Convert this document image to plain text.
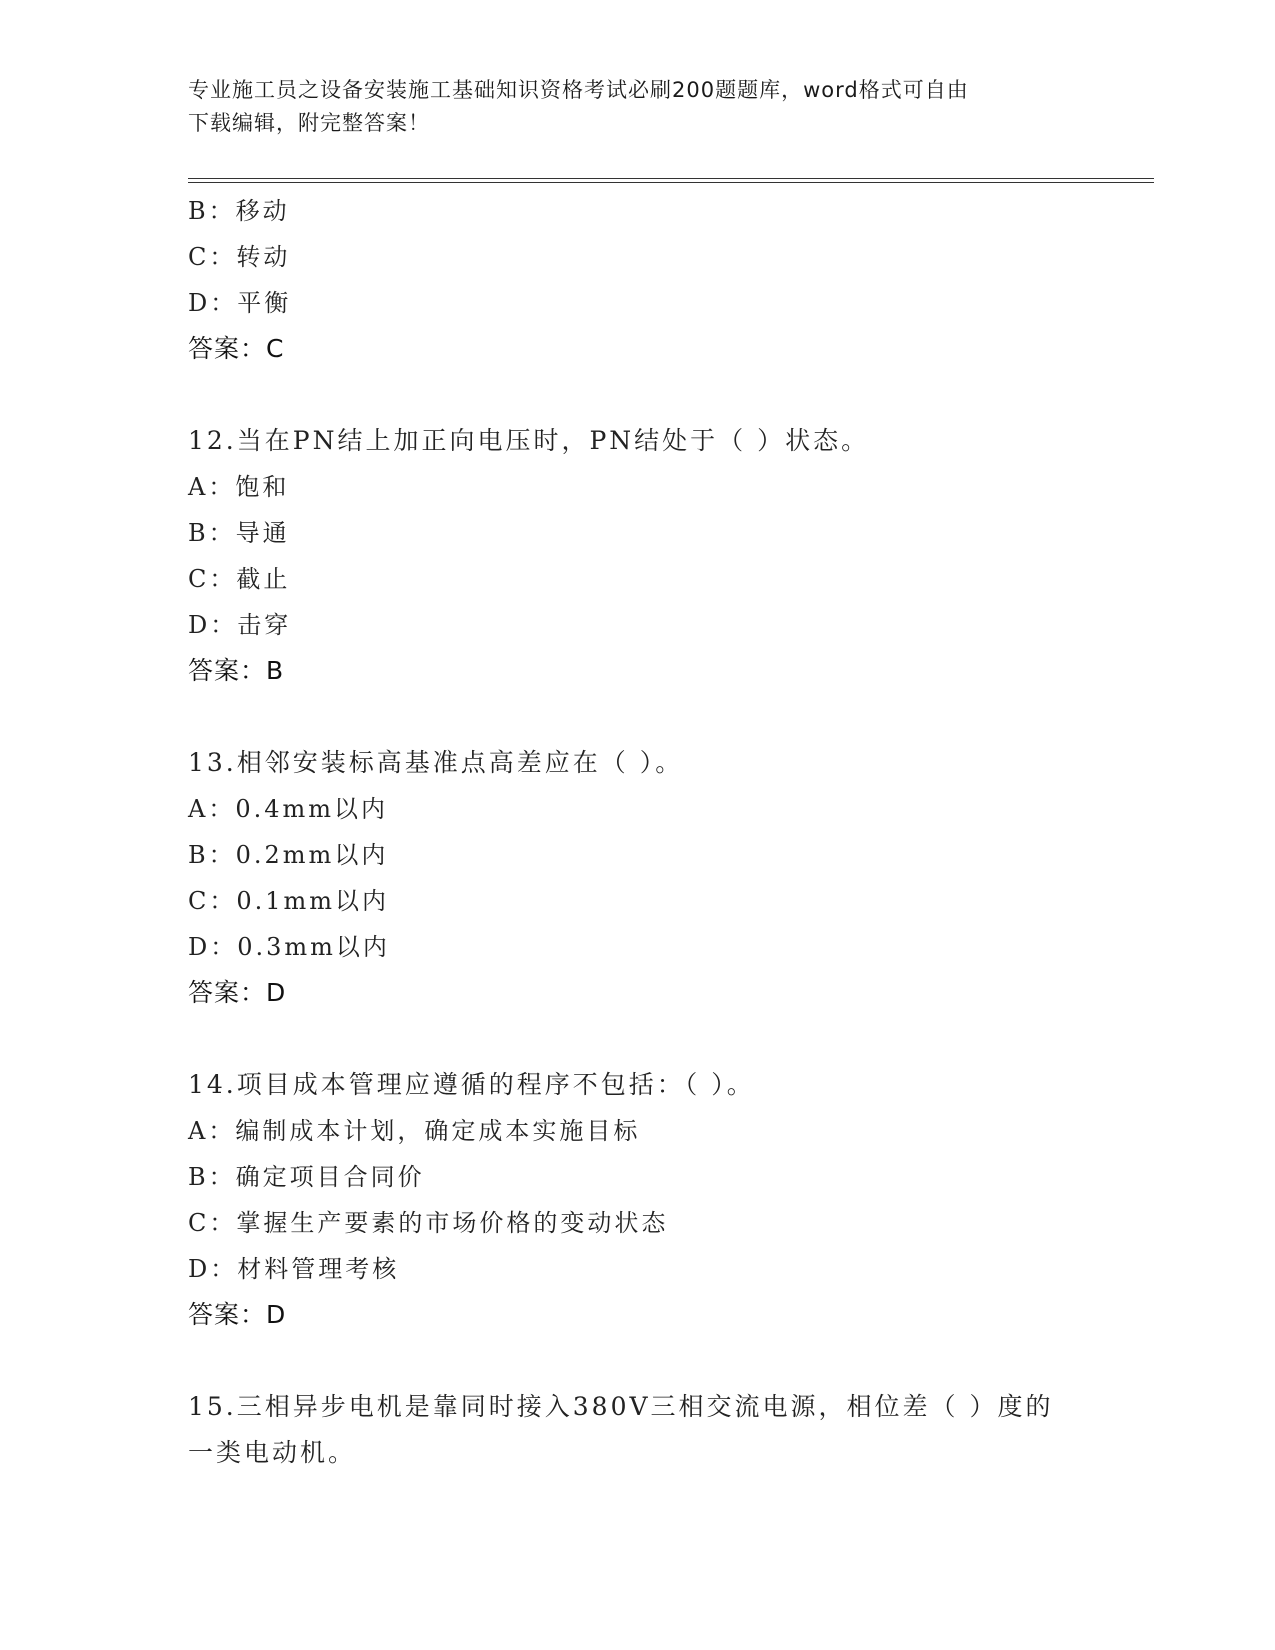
专业施工员之设备安装施工基础知识资格考试必刷200题题库，word格式可自由
下载编辑，附完整答案！
B：移动
C：转动
D：平衡
答案：C
12.当在PN结上加正向电压时，PN结处于（ ）状态。
A：饱和
B：导通
C：截止
D：击穿
答案：B
13.相邻安装标高基准点高差应在（ ）。
A：0.4mm以内
B：0.2mm以内
C：0.1mm以内
D：0.3mm以内
答案：D
14.项目成本管理应遵循的程序不包括：（ ）。
A：编制成本计划，确定成本实施目标
B：确定项目合同价
C：掌握生产要素的市场价格的变动状态
D：材料管理考核
答案：D
15.三相异步电机是靠同时接入380V三相交流电源，相位差（ ）度的
一类电动机。
